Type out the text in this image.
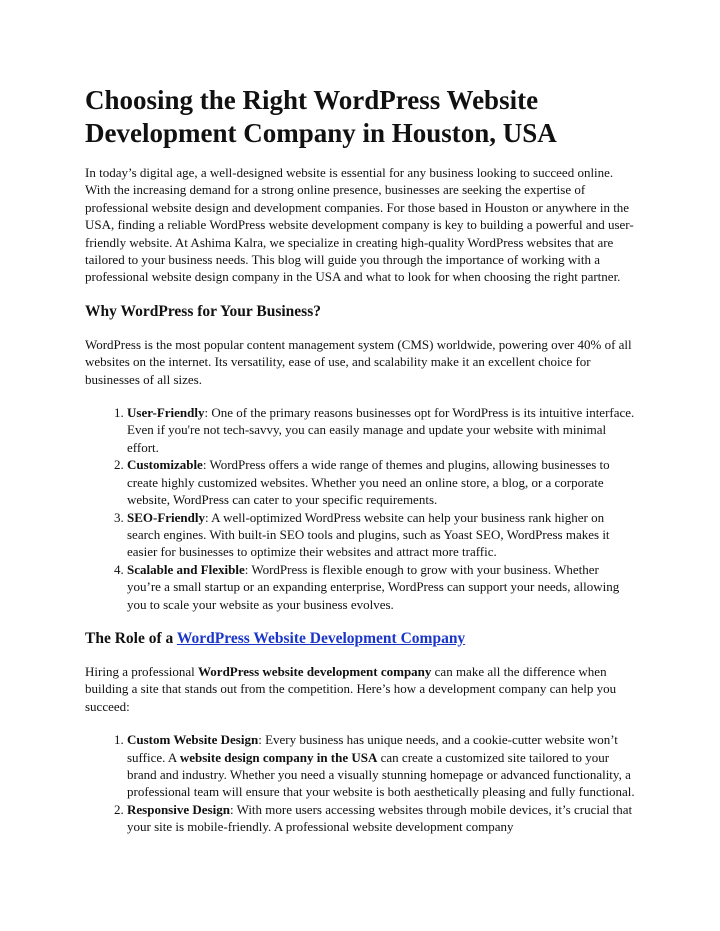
Choosing the Right WordPress Website Development Company in Houston, USA

In today’s digital age, a well-designed website is essential for any business looking to succeed online. With the increasing demand for a strong online presence, businesses are seeking the expertise of professional website design and development companies. For those based in Houston or anywhere in the USA, finding a reliable WordPress website development company is key to building a powerful and user-friendly website. At Ashima Kalra, we specialize in creating high-quality WordPress websites that are tailored to your business needs. This blog will guide you through the importance of working with a professional website design company in the USA and what to look for when choosing the right partner.

Why WordPress for Your Business?

WordPress is the most popular content management system (CMS) worldwide, powering over 40% of all websites on the internet. Its versatility, ease of use, and scalability make it an excellent choice for businesses of all sizes.

1. User-Friendly: One of the primary reasons businesses opt for WordPress is its intuitive interface. Even if you're not tech-savvy, you can easily manage and update your website with minimal effort.
2. Customizable: WordPress offers a wide range of themes and plugins, allowing businesses to create highly customized websites. Whether you need an online store, a blog, or a corporate website, WordPress can cater to your specific requirements.
3. SEO-Friendly: A well-optimized WordPress website can help your business rank higher on search engines. With built-in SEO tools and plugins, such as Yoast SEO, WordPress makes it easier for businesses to optimize their websites and attract more traffic.
4. Scalable and Flexible: WordPress is flexible enough to grow with your business. Whether you’re a small startup or an expanding enterprise, WordPress can support your needs, allowing you to scale your website as your business evolves.
The Role of a WordPress Website Development Company

Hiring a professional WordPress website development company can make all the difference when building a site that stands out from the competition. Here’s how a development company can help you succeed:

1. Custom Website Design: Every business has unique needs, and a cookie-cutter website won’t suffice. A website design company in the USA can create a customized site tailored to your brand and industry. Whether you need a visually stunning homepage or advanced functionality, a professional team will ensure that your website is both aesthetically pleasing and fully functional.
2. Responsive Design: With more users accessing websites through mobile devices, it’s crucial that your site is mobile-friendly. A professional website development company
